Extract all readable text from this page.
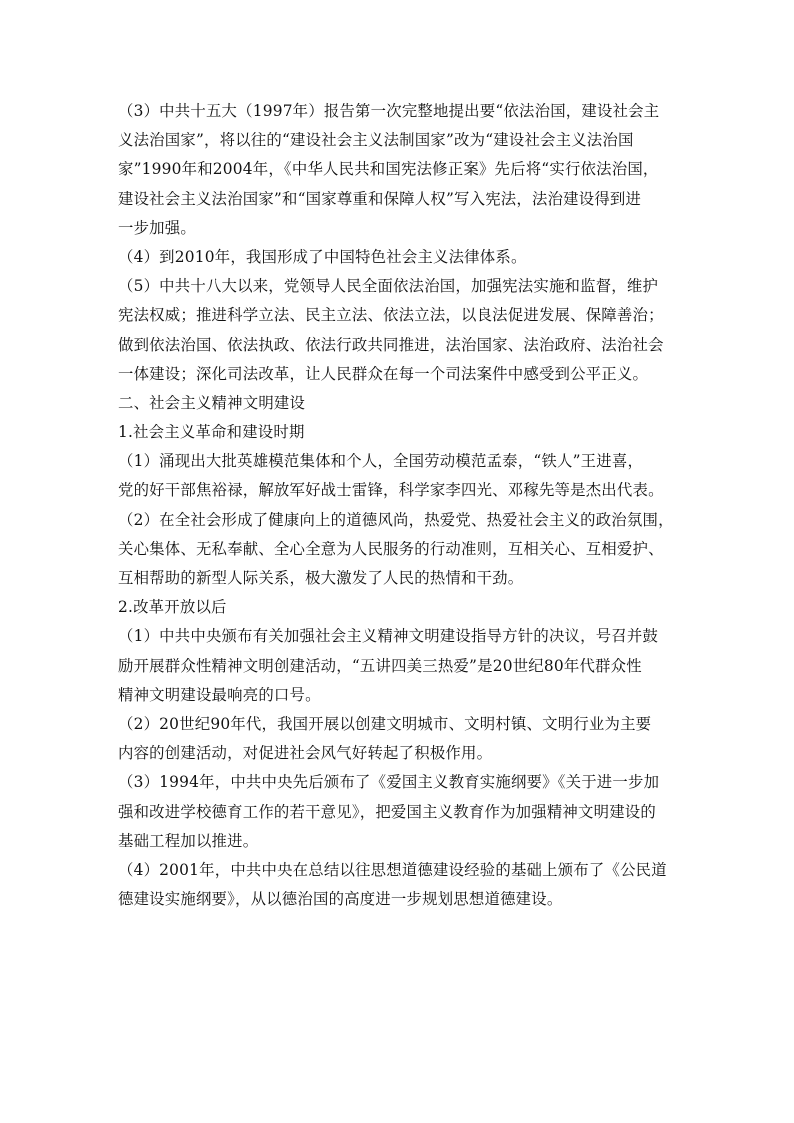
（3）中共十五大（1997年）报告第一次完整地提出要“依法治国，建设社会主
义法治国家”，将以往的“建设社会主义法制国家”改为“建设社会主义法治国
家”1990年和2004年，《中华人民共和国宪法修正案》先后将“实行依法治国，
建设社会主义法治国家”和“国家尊重和保障人权”写入宪法，法治建设得到进
一步加强。
（4）到2010年，我国形成了中国特色社会主义法律体系。
（5）中共十八大以来，党领导人民全面依法治国，加强宪法实施和监督，维护
宪法权威；推进科学立法、民主立法、依法立法，以良法促进发展、保障善治；
做到依法治国、依法执政、依法行政共同推进，法治国家、法治政府、法治社会
一体建设；深化司法改革，让人民群众在每一个司法案件中感受到公平正义。
二、社会主义精神文明建设
1.社会主义革命和建设时期
（1）涌现出大批英雄模范集体和个人，全国劳动模范孟泰，“铁人”王进喜，
党的好干部焦裕禄，解放军好战士雷锋，科学家李四光、邓稼先等是杰出代表。
（2）在全社会形成了健康向上的道德风尚，热爱党、热爱社会主义的政治氛围，
关心集体、无私奉献、全心全意为人民服务的行动准则，互相关心、互相爱护、
互相帮助的新型人际关系，极大激发了人民的热情和干劲。
2.改革开放以后
（1）中共中央颁布有关加强社会主义精神文明建设指导方针的决议，号召并鼓
励开展群众性精神文明创建活动，“五讲四美三热爱”是20世纪80年代群众性
精神文明建设最响亮的口号。
（2）20世纪90年代，我国开展以创建文明城市、文明村镇、文明行业为主要
内容的创建活动，对促进社会风气好转起了积极作用。
（3）1994年，中共中央先后颁布了《爱国主义教育实施纲要》《关于进一步加
强和改进学校德育工作的若干意见》，把爱国主义教育作为加强精神文明建设的
基础工程加以推进。
（4）2001年，中共中央在总结以往思想道德建设经验的基础上颁布了《公民道
德建设实施纲要》，从以德治国的高度进一步规划思想道德建设。
